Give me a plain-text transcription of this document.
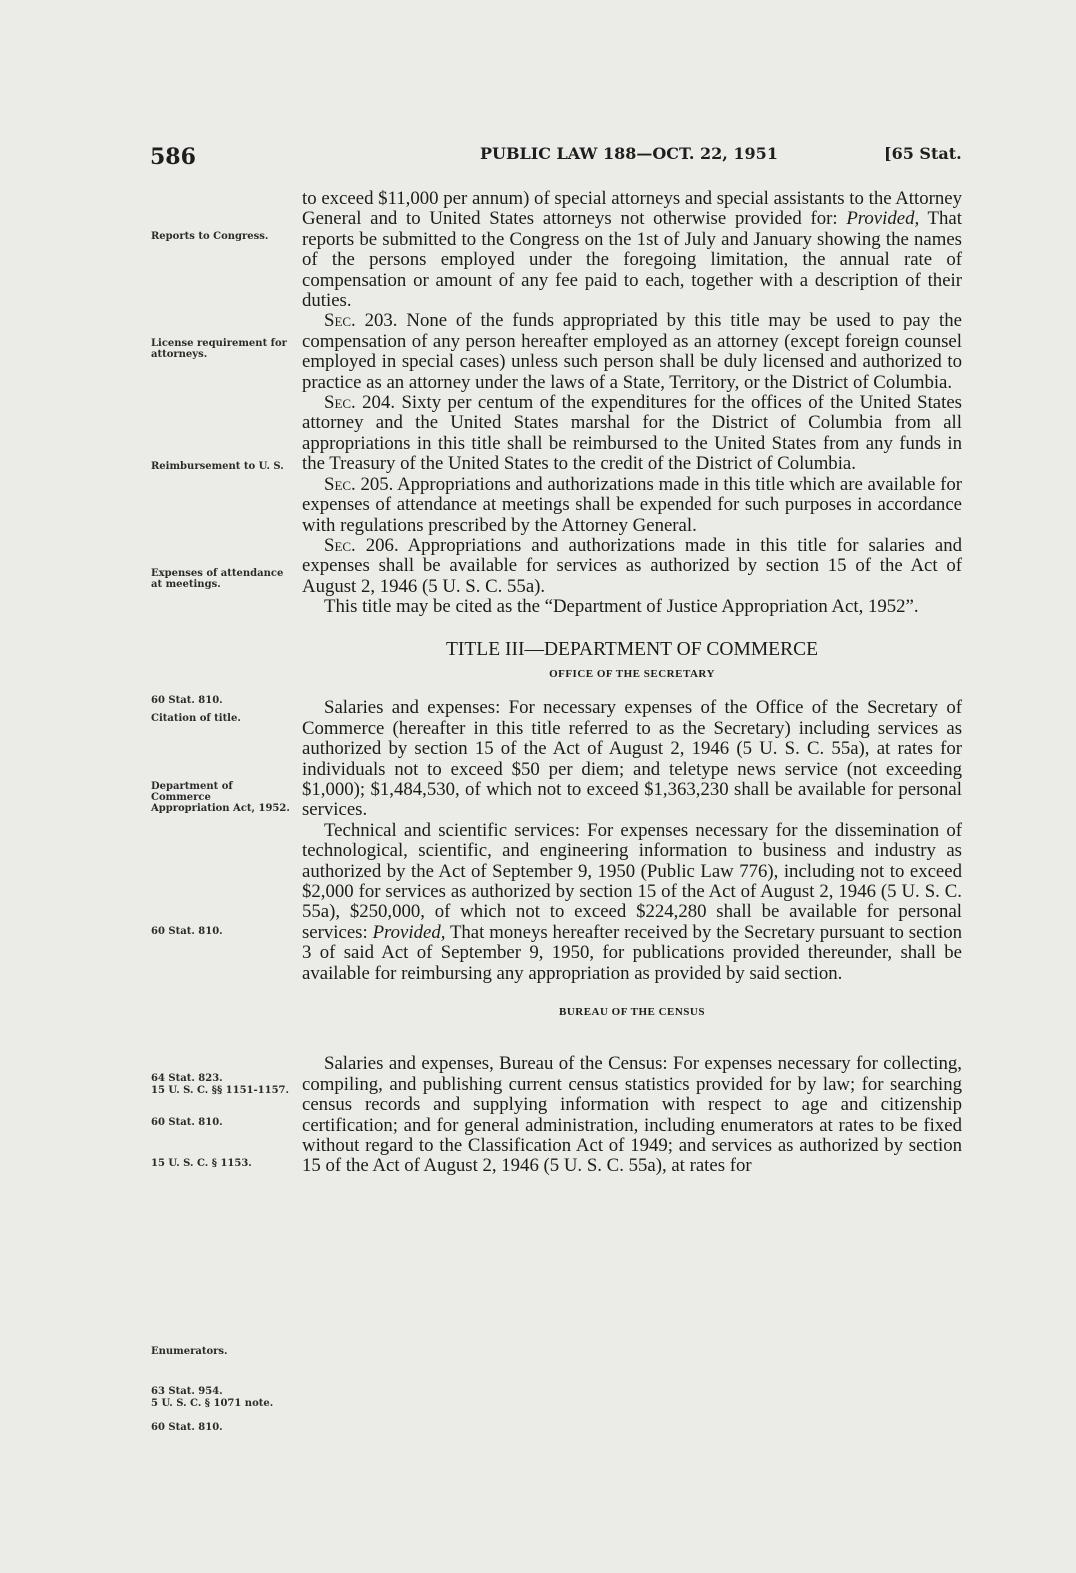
586	PUBLIC LAW 188—OCT. 22, 1951	[65 Stat.
Reports to Congress.
License requirement for attorneys.
Reimbursement to U. S.
Expenses of attendance at meetings.
60 Stat. 810.
Citation of title.
Department of Commerce Appropriation Act, 1952.
60 Stat. 810.
64 Stat. 823.
15 U. S. C. §§ 1151-1157.
60 Stat. 810.
15 U. S. C. § 1153.
Enumerators.
63 Stat. 954.
5 U. S. C. § 1071 note.
60 Stat. 810.

to exceed $11,000 per annum) of special attorneys and special assistants to the Attorney General and to United States attorneys not otherwise provided for: Provided, That reports be submitted to the Congress on the 1st of July and January showing the names of the persons employed under the foregoing limitation, the annual rate of compensation or amount of any fee paid to each, together with a description of their duties.

Sec. 203. None of the funds appropriated by this title may be used to pay the compensation of any person hereafter employed as an attorney (except foreign counsel employed in special cases) unless such person shall be duly licensed and authorized to practice as an attorney under the laws of a State, Territory, or the District of Columbia.

Sec. 204. Sixty per centum of the expenditures for the offices of the United States attorney and the United States marshal for the District of Columbia from all appropriations in this title shall be reimbursed to the United States from any funds in the Treasury of the United States to the credit of the District of Columbia.

Sec. 205. Appropriations and authorizations made in this title which are available for expenses of attendance at meetings shall be expended for such purposes in accordance with regulations prescribed by the Attorney General.

Sec. 206. Appropriations and authorizations made in this title for salaries and expenses shall be available for services as authorized by section 15 of the Act of August 2, 1946 (5 U. S. C. 55a).

This title may be cited as the “Department of Justice Appropriation Act, 1952”.

TITLE III—DEPARTMENT OF COMMERCE
OFFICE OF THE SECRETARY

Salaries and expenses: For necessary expenses of the Office of the Secretary of Commerce (hereafter in this title referred to as the Secretary) including services as authorized by section 15 of the Act of August 2, 1946 (5 U. S. C. 55a), at rates for individuals not to exceed $50 per diem; and teletype news service (not exceeding $1,000); $1,484,530, of which not to exceed $1,363,230 shall be available for personal services.

Technical and scientific services: For expenses necessary for the dissemination of technological, scientific, and engineering information to business and industry as authorized by the Act of September 9, 1950 (Public Law 776), including not to exceed $2,000 for services as authorized by section 15 of the Act of August 2, 1946 (5 U. S. C. 55a), $250,000, of which not to exceed $224,280 shall be available for personal services: Provided, That moneys hereafter received by the Secretary pursuant to section 3 of said Act of September 9, 1950, for publications provided thereunder, shall be available for reimbursing any appropriation as provided by said section.

BUREAU OF THE CENSUS

Salaries and expenses, Bureau of the Census: For expenses necessary for collecting, compiling, and publishing current census statistics provided for by law; for searching census records and supplying information with respect to age and citizenship certification; and for general administration, including enumerators at rates to be fixed without regard to the Classification Act of 1949; and services as authorized by section 15 of the Act of August 2, 1946 (5 U. S. C. 55a), at rates for
